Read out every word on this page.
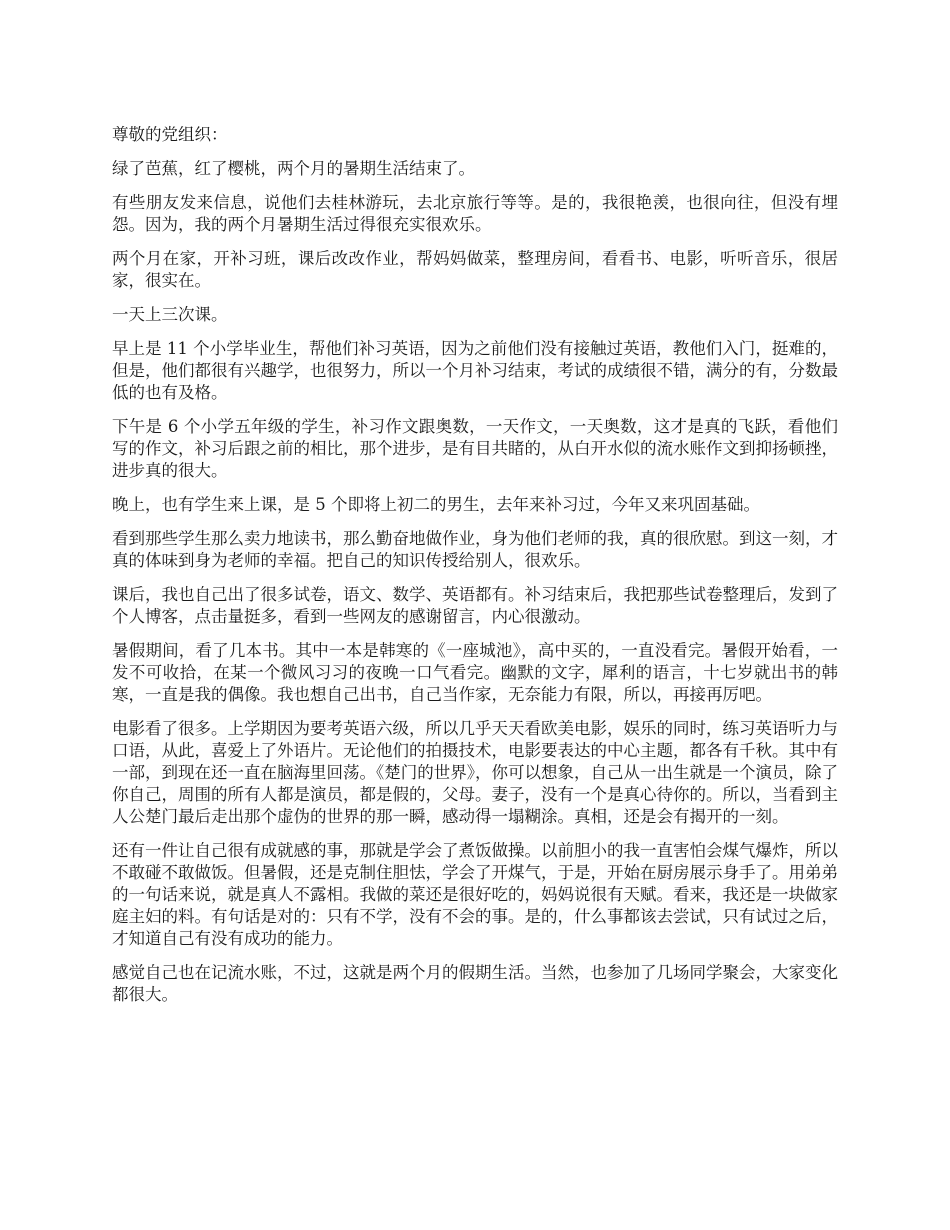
尊敬的党组织：

绿了芭蕉，红了樱桃，两个月的暑期生活结束了。

有些朋友发来信息，说他们去桂林游玩，去北京旅行等等。是的，我很艳羡，也很向往，但没有埋怨。因为，我的两个月暑期生活过得很充实很欢乐。

两个月在家，开补习班，课后改改作业，帮妈妈做菜，整理房间，看看书、电影，听听音乐，很居家，很实在。

一天上三次课。

早上是 11 个小学毕业生，帮他们补习英语，因为之前他们没有接触过英语，教他们入门，挺难的，但是，他们都很有兴趣学，也很努力，所以一个月补习结束，考试的成绩很不错，满分的有，分数最低的也有及格。

下午是 6 个小学五年级的学生，补习作文跟奥数，一天作文，一天奥数，这才是真的飞跃，看他们写的作文，补习后跟之前的相比，那个进步，是有目共睹的，从白开水似的流水账作文到抑扬顿挫，进步真的很大。

晚上，也有学生来上课，是 5 个即将上初二的男生，去年来补习过，今年又来巩固基础。

看到那些学生那么卖力地读书，那么勤奋地做作业，身为他们老师的我，真的很欣慰。到这一刻，才真的体味到身为老师的幸福。把自己的知识传授给别人，很欢乐。

课后，我也自己出了很多试卷，语文、数学、英语都有。补习结束后，我把那些试卷整理后，发到了个人博客，点击量挺多，看到一些网友的感谢留言，内心很激动。

暑假期间，看了几本书。其中一本是韩寒的《一座城池》，高中买的，一直没看完。暑假开始看，一发不可收拾，在某一个微风习习的夜晚一口气看完。幽默的文字，犀利的语言，十七岁就出书的韩寒，一直是我的偶像。我也想自己出书，自己当作家，无奈能力有限，所以，再接再厉吧。

电影看了很多。上学期因为要考英语六级，所以几乎天天看欧美电影，娱乐的同时，练习英语听力与口语，从此，喜爱上了外语片。无论他们的拍摄技术，电影要表达的中心主题，都各有千秋。其中有一部，到现在还一直在脑海里回荡。《楚门的世界》，你可以想象，自己从一出生就是一个演员，除了你自己，周围的所有人都是演员，都是假的，父母。妻子，没有一个是真心待你的。所以，当看到主人公楚门最后走出那个虚伪的世界的那一瞬，感动得一塌糊涂。真相，还是会有揭开的一刻。

还有一件让自己很有成就感的事，那就是学会了煮饭做操。以前胆小的我一直害怕会煤气爆炸，所以不敢碰不敢做饭。但暑假，还是克制住胆怯，学会了开煤气，于是，开始在厨房展示身手了。用弟弟的一句话来说，就是真人不露相。我做的菜还是很好吃的，妈妈说很有天赋。看来，我还是一块做家庭主妇的料。有句话是对的：只有不学，没有不会的事。是的，什么事都该去尝试，只有试过之后，才知道自己有没有成功的能力。

感觉自己也在记流水账，不过，这就是两个月的假期生活。当然，也参加了几场同学聚会，大家变化都很大。
